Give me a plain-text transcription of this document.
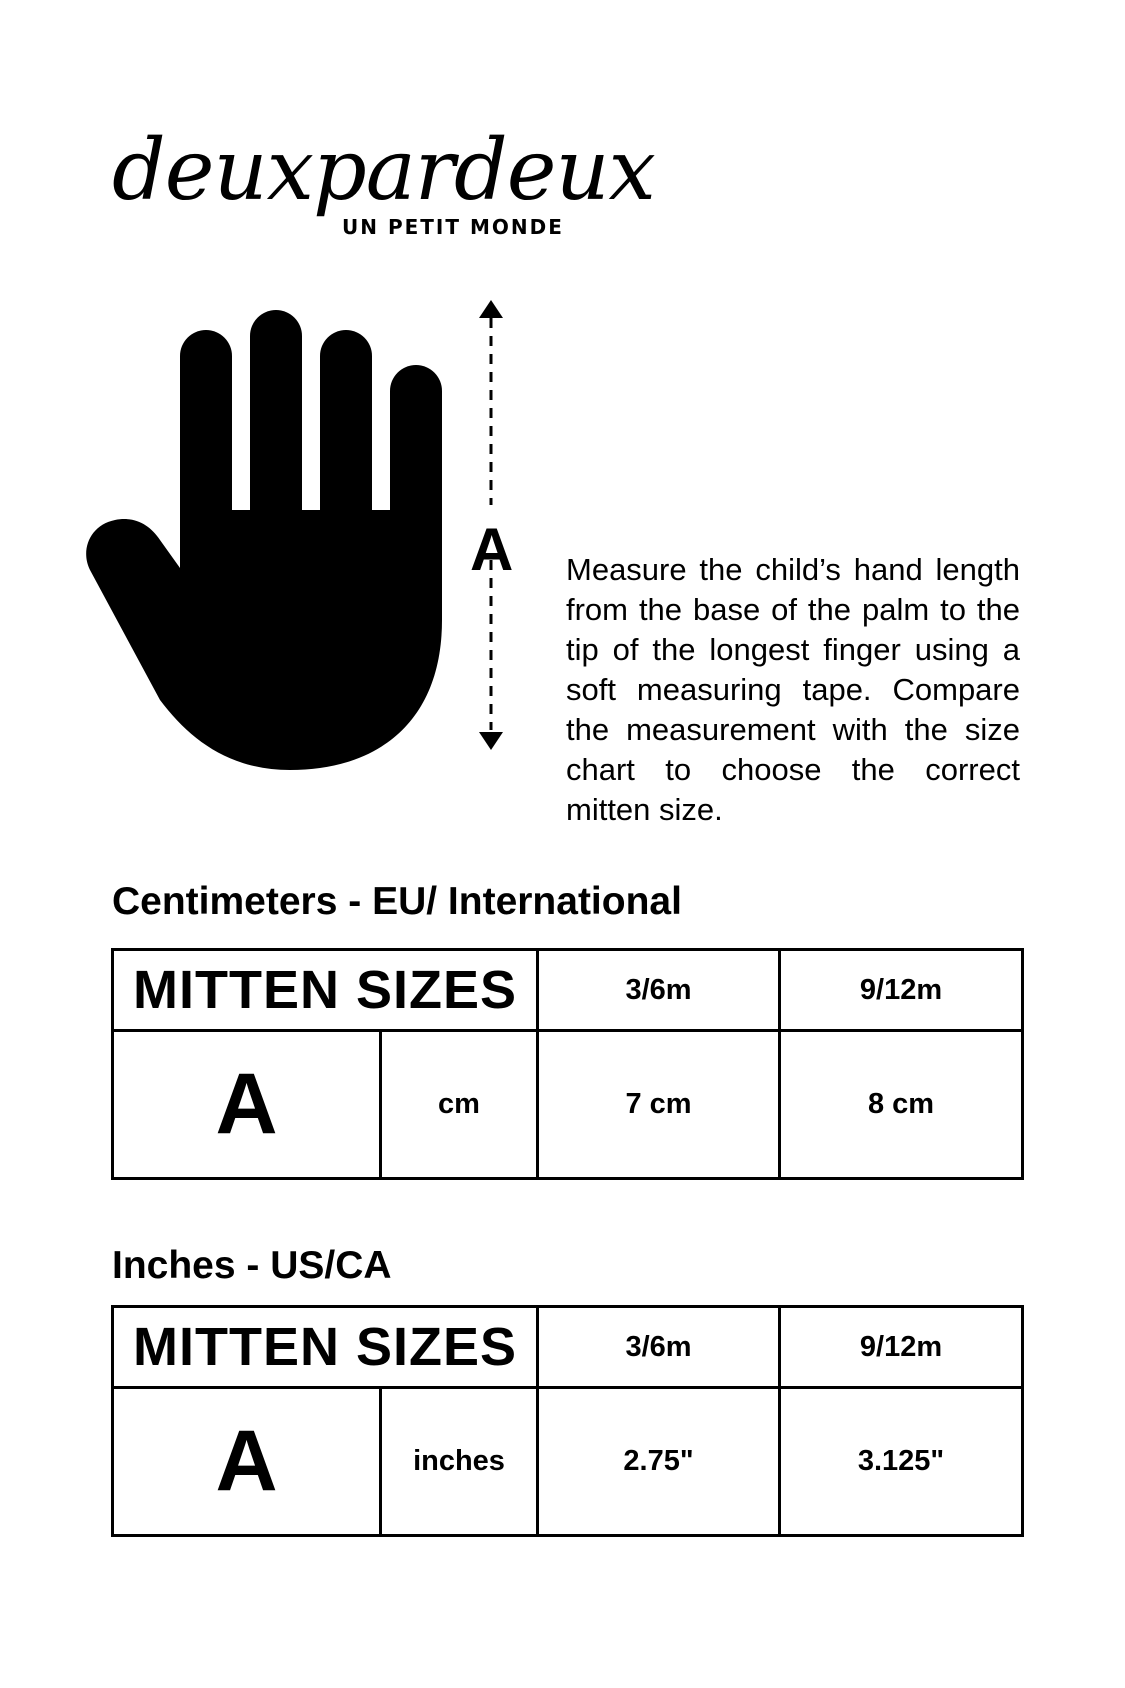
deuxpardeux
UN PETIT MONDE
A Measure the child’s hand length from the base of the palm to the tip of the longest finger using a soft measuring tape. Compare the measurement with the size chart to choose the correct mitten size.
Centimeters - EU/ International
MITTEN SIZES		3/6m	9/12m
A	cm	7 cm	8 cm
Inches - US/CA
MITTEN SIZES		3/6m	9/12m
A	inches	2.75"	3.125"
